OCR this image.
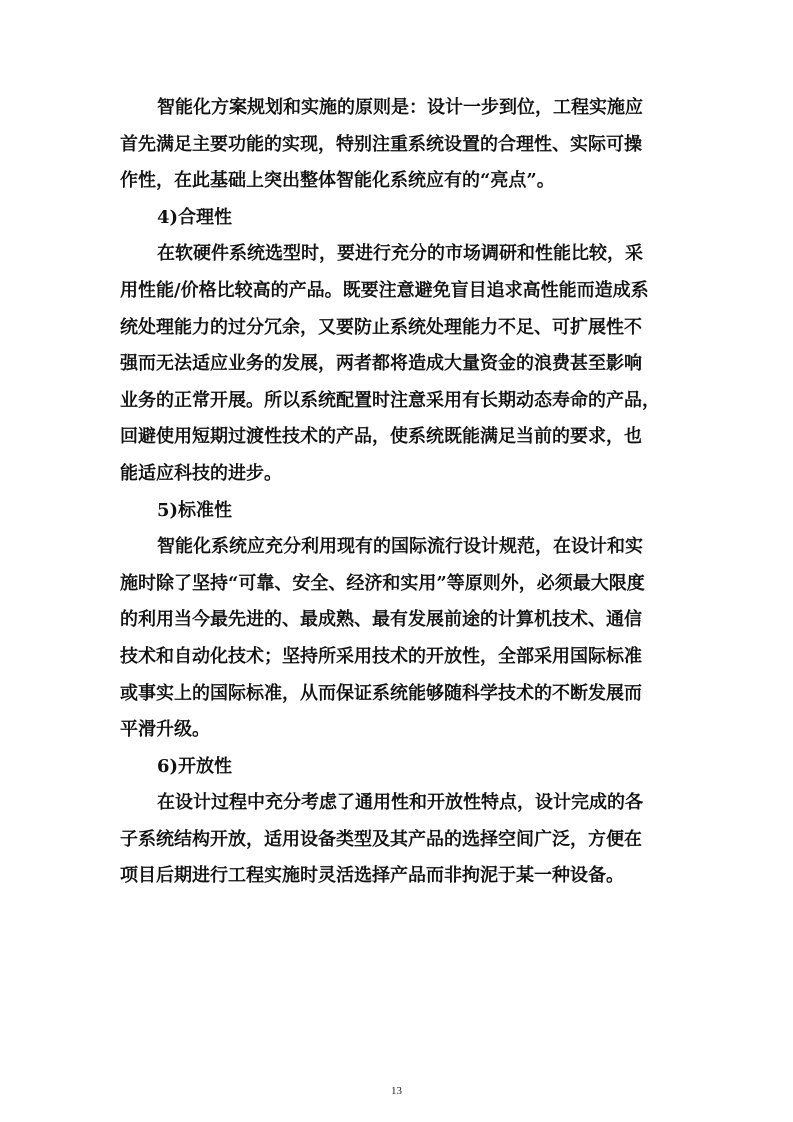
智能化方案规划和实施的原则是：设计一步到位，工程实施应
首先满足主要功能的实现，特别注重系统设置的合理性、实际可操
作性，在此基础上突出整体智能化系统应有的“亮点”。
4)合理性
在软硬件系统选型时，要进行充分的市场调研和性能比较，采
用性能/价格比较高的产品。既要注意避免盲目追求高性能而造成系
统处理能力的过分冗余，又要防止系统处理能力不足、可扩展性不
强而无法适应业务的发展，两者都将造成大量资金的浪费甚至影响
业务的正常开展。所以系统配置时注意采用有长期动态寿命的产品，
回避使用短期过渡性技术的产品，使系统既能满足当前的要求，也
能适应科技的进步。
5)标准性
智能化系统应充分利用现有的国际流行设计规范，在设计和实
施时除了坚持“可靠、安全、经济和实用”等原则外，必须最大限度
的利用当今最先进的、最成熟、最有发展前途的计算机技术、通信
技术和自动化技术；坚持所采用技术的开放性，全部采用国际标准
或事实上的国际标准，从而保证系统能够随科学技术的不断发展而
平滑升级。
6)开放性
在设计过程中充分考虑了通用性和开放性特点，设计完成的各
子系统结构开放，适用设备类型及其产品的选择空间广泛，方便在
项目后期进行工程实施时灵活选择产品而非拘泥于某一种设备。
13
